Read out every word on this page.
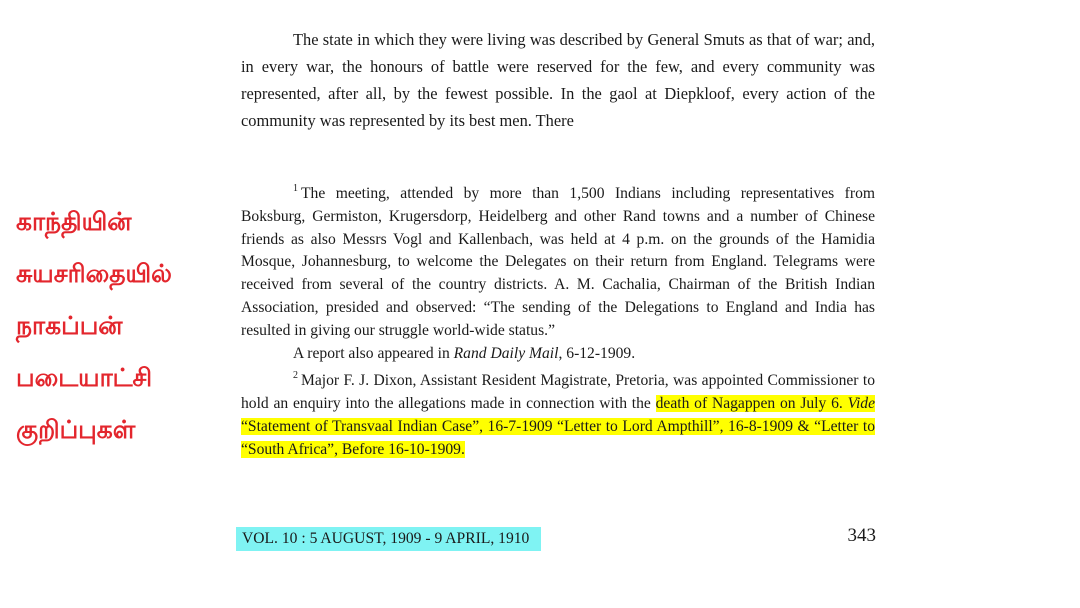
காந்தியின்
சுயசரிதையில்
நாகப்பன்
படையாட்சி
குறிப்புகள்

The state in which they were living was described by General Smuts as that of war; and, in every war, the honours of battle were reserved for the few, and every community was represented, after all, by the fewest possible. In the gaol at Diepkloof, every action of the community was represented by its best men. There

$^1$ The meeting, attended by more than 1,500 Indians including representatives from Boksburg, Germiston, Krugersdorp, Heidelberg and other Rand towns and a number of Chinese friends as also Messrs Vogl and Kallenbach, was held at 4 p.m. on the grounds of the Hamidia Mosque, Johannesburg, to welcome the Delegates on their return from England. Telegrams were received from several of the country districts. A. M. Cachalia, Chairman of the British Indian Association, presided and observed: “The sending of the Delegations to England and India has resulted in giving our struggle world-wide status.”

A report also appeared in Rand Daily Mail, 6-12-1909.

$^2$ Major F. J. Dixon, Assistant Resident Magistrate, Pretoria, was appointed Commissioner to hold an enquiry into the allegations made in connection with the death of Nagappen on July 6. Vide “Statement of Transvaal Indian Case”, 16-7-1909 “Letter to Lord Ampthill”, 16-8-1909 & “Letter to “South Africa”, Before 16-10-1909.

VOL. 10 : 5 AUGUST, 1909 - 9 APRIL, 1910	343
